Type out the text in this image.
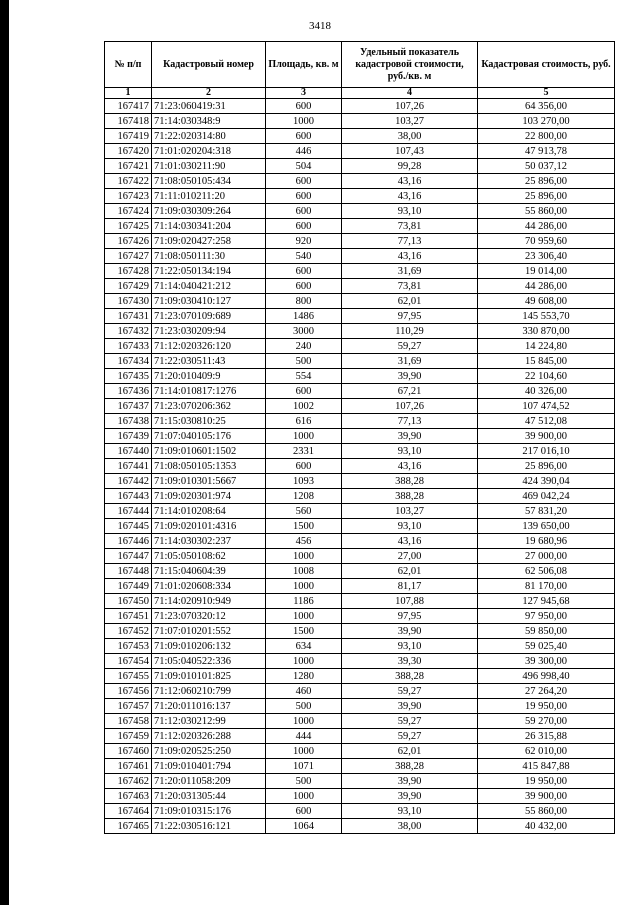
3418
№ п/п	Кадастровый номер	Площадь, кв. м	Удельный показатель кадастровой стоимости, руб./кв. м	Кадастровая стоимость, руб.
1	2	3	4	5
167417	71:23:060419:31	600	107,26	64 356,00
167418	71:14:030348:9	1000	103,27	103 270,00
167419	71:22:020314:80	600	38,00	22 800,00
167420	71:01:020204:318	446	107,43	47 913,78
167421	71:01:030211:90	504	99,28	50 037,12
167422	71:08:050105:434	600	43,16	25 896,00
167423	71:11:010211:20	600	43,16	25 896,00
167424	71:09:030309:264	600	93,10	55 860,00
167425	71:14:030341:204	600	73,81	44 286,00
167426	71:09:020427:258	920	77,13	70 959,60
167427	71:08:050111:30	540	43,16	23 306,40
167428	71:22:050134:194	600	31,69	19 014,00
167429	71:14:040421:212	600	73,81	44 286,00
167430	71:09:030410:127	800	62,01	49 608,00
167431	71:23:070109:689	1486	97,95	145 553,70
167432	71:23:030209:94	3000	110,29	330 870,00
167433	71:12:020326:120	240	59,27	14 224,80
167434	71:22:030511:43	500	31,69	15 845,00
167435	71:20:010409:9	554	39,90	22 104,60
167436	71:14:010817:1276	600	67,21	40 326,00
167437	71:23:070206:362	1002	107,26	107 474,52
167438	71:15:030810:25	616	77,13	47 512,08
167439	71:07:040105:176	1000	39,90	39 900,00
167440	71:09:010601:1502	2331	93,10	217 016,10
167441	71:08:050105:1353	600	43,16	25 896,00
167442	71:09:010301:5667	1093	388,28	424 390,04
167443	71:09:020301:974	1208	388,28	469 042,24
167444	71:14:010208:64	560	103,27	57 831,20
167445	71:09:020101:4316	1500	93,10	139 650,00
167446	71:14:030302:237	456	43,16	19 680,96
167447	71:05:050108:62	1000	27,00	27 000,00
167448	71:15:040604:39	1008	62,01	62 506,08
167449	71:01:020608:334	1000	81,17	81 170,00
167450	71:14:020910:949	1186	107,88	127 945,68
167451	71:23:070320:12	1000	97,95	97 950,00
167452	71:07:010201:552	1500	39,90	59 850,00
167453	71:09:010206:132	634	93,10	59 025,40
167454	71:05:040522:336	1000	39,30	39 300,00
167455	71:09:010101:825	1280	388,28	496 998,40
167456	71:12:060210:799	460	59,27	27 264,20
167457	71:20:011016:137	500	39,90	19 950,00
167458	71:12:030212:99	1000	59,27	59 270,00
167459	71:12:020326:288	444	59,27	26 315,88
167460	71:09:020525:250	1000	62,01	62 010,00
167461	71:09:010401:794	1071	388,28	415 847,88
167462	71:20:011058:209	500	39,90	19 950,00
167463	71:20:031305:44	1000	39,90	39 900,00
167464	71:09:010315:176	600	93,10	55 860,00
167465	71:22:030516:121	1064	38,00	40 432,00
